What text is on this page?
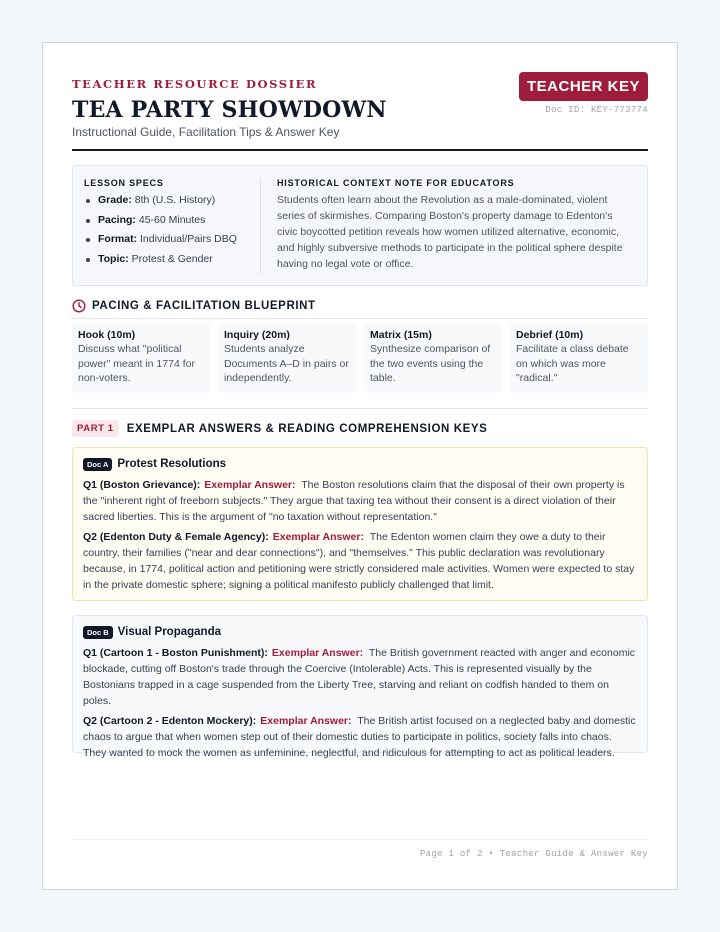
TEACHER RESOURCE DOSSIER
TEA PARTY SHOWDOWN
Instructional Guide, Facilitation Tips & Answer Key
TEACHER KEY
Doc ID: KEY-773774
LESSON SPECS
Grade: 8th (U.S. History)
Pacing: 45-60 Minutes
Format: Individual/Pairs DBQ
Topic: Protest & Gender
HISTORICAL CONTEXT NOTE FOR EDUCATORS

Students often learn about the Revolution as a male-dominated, violent series of skirmishes. Comparing Boston's property damage to Edenton's civic boycotted petition reveals how women utilized alternative, economic, and highly subversive methods to participate in the political sphere despite having no legal vote or office.

PACING & FACILITATION BLUEPRINT
Hook (10m)
Discuss what "political power" meant in 1774 for non-voters.
Inquiry (20m)
Students analyze Documents A–D in pairs or independently.
Matrix (15m)
Synthesize comparison of the two events using the table.
Debrief (10m)
Facilitate a class debate on which was more "radical."
PART 1	EXEMPLAR ANSWERS & READING COMPREHENSION KEYS
Doc A Protest Resolutions

Q1 (Boston Grievance): Exemplar Answer: The Boston resolutions claim that the disposal of their own property is the "inherent right of freeborn subjects." They argue that taxing tea without their consent is a direct violation of their sacred liberties. This is the argument of "no taxation without representation."

Q2 (Edenton Duty & Female Agency): Exemplar Answer: The Edenton women claim they owe a duty to their country, their families ("near and dear connections"), and "themselves." This public declaration was revolutionary because, in 1774, political action and petitioning were strictly considered male activities. Women were expected to stay in the private domestic sphere; signing a political manifesto publicly challenged that limit.

Doc B Visual Propaganda

Q1 (Cartoon 1 - Boston Punishment): Exemplar Answer: The British government reacted with anger and economic blockade, cutting off Boston's trade through the Coercive (Intolerable) Acts. This is represented visually by the Bostonians trapped in a cage suspended from the Liberty Tree, starving and reliant on codfish handed to them on poles.

Q2 (Cartoon 2 - Edenton Mockery): Exemplar Answer: The British artist focused on a neglected baby and domestic chaos to argue that when women step out of their domestic duties to participate in politics, society falls into chaos. They wanted to mock the women as unfeminine, neglectful, and ridiculous for attempting to act as political leaders.

Page 1 of 2 • Teacher Guide & Answer Key
